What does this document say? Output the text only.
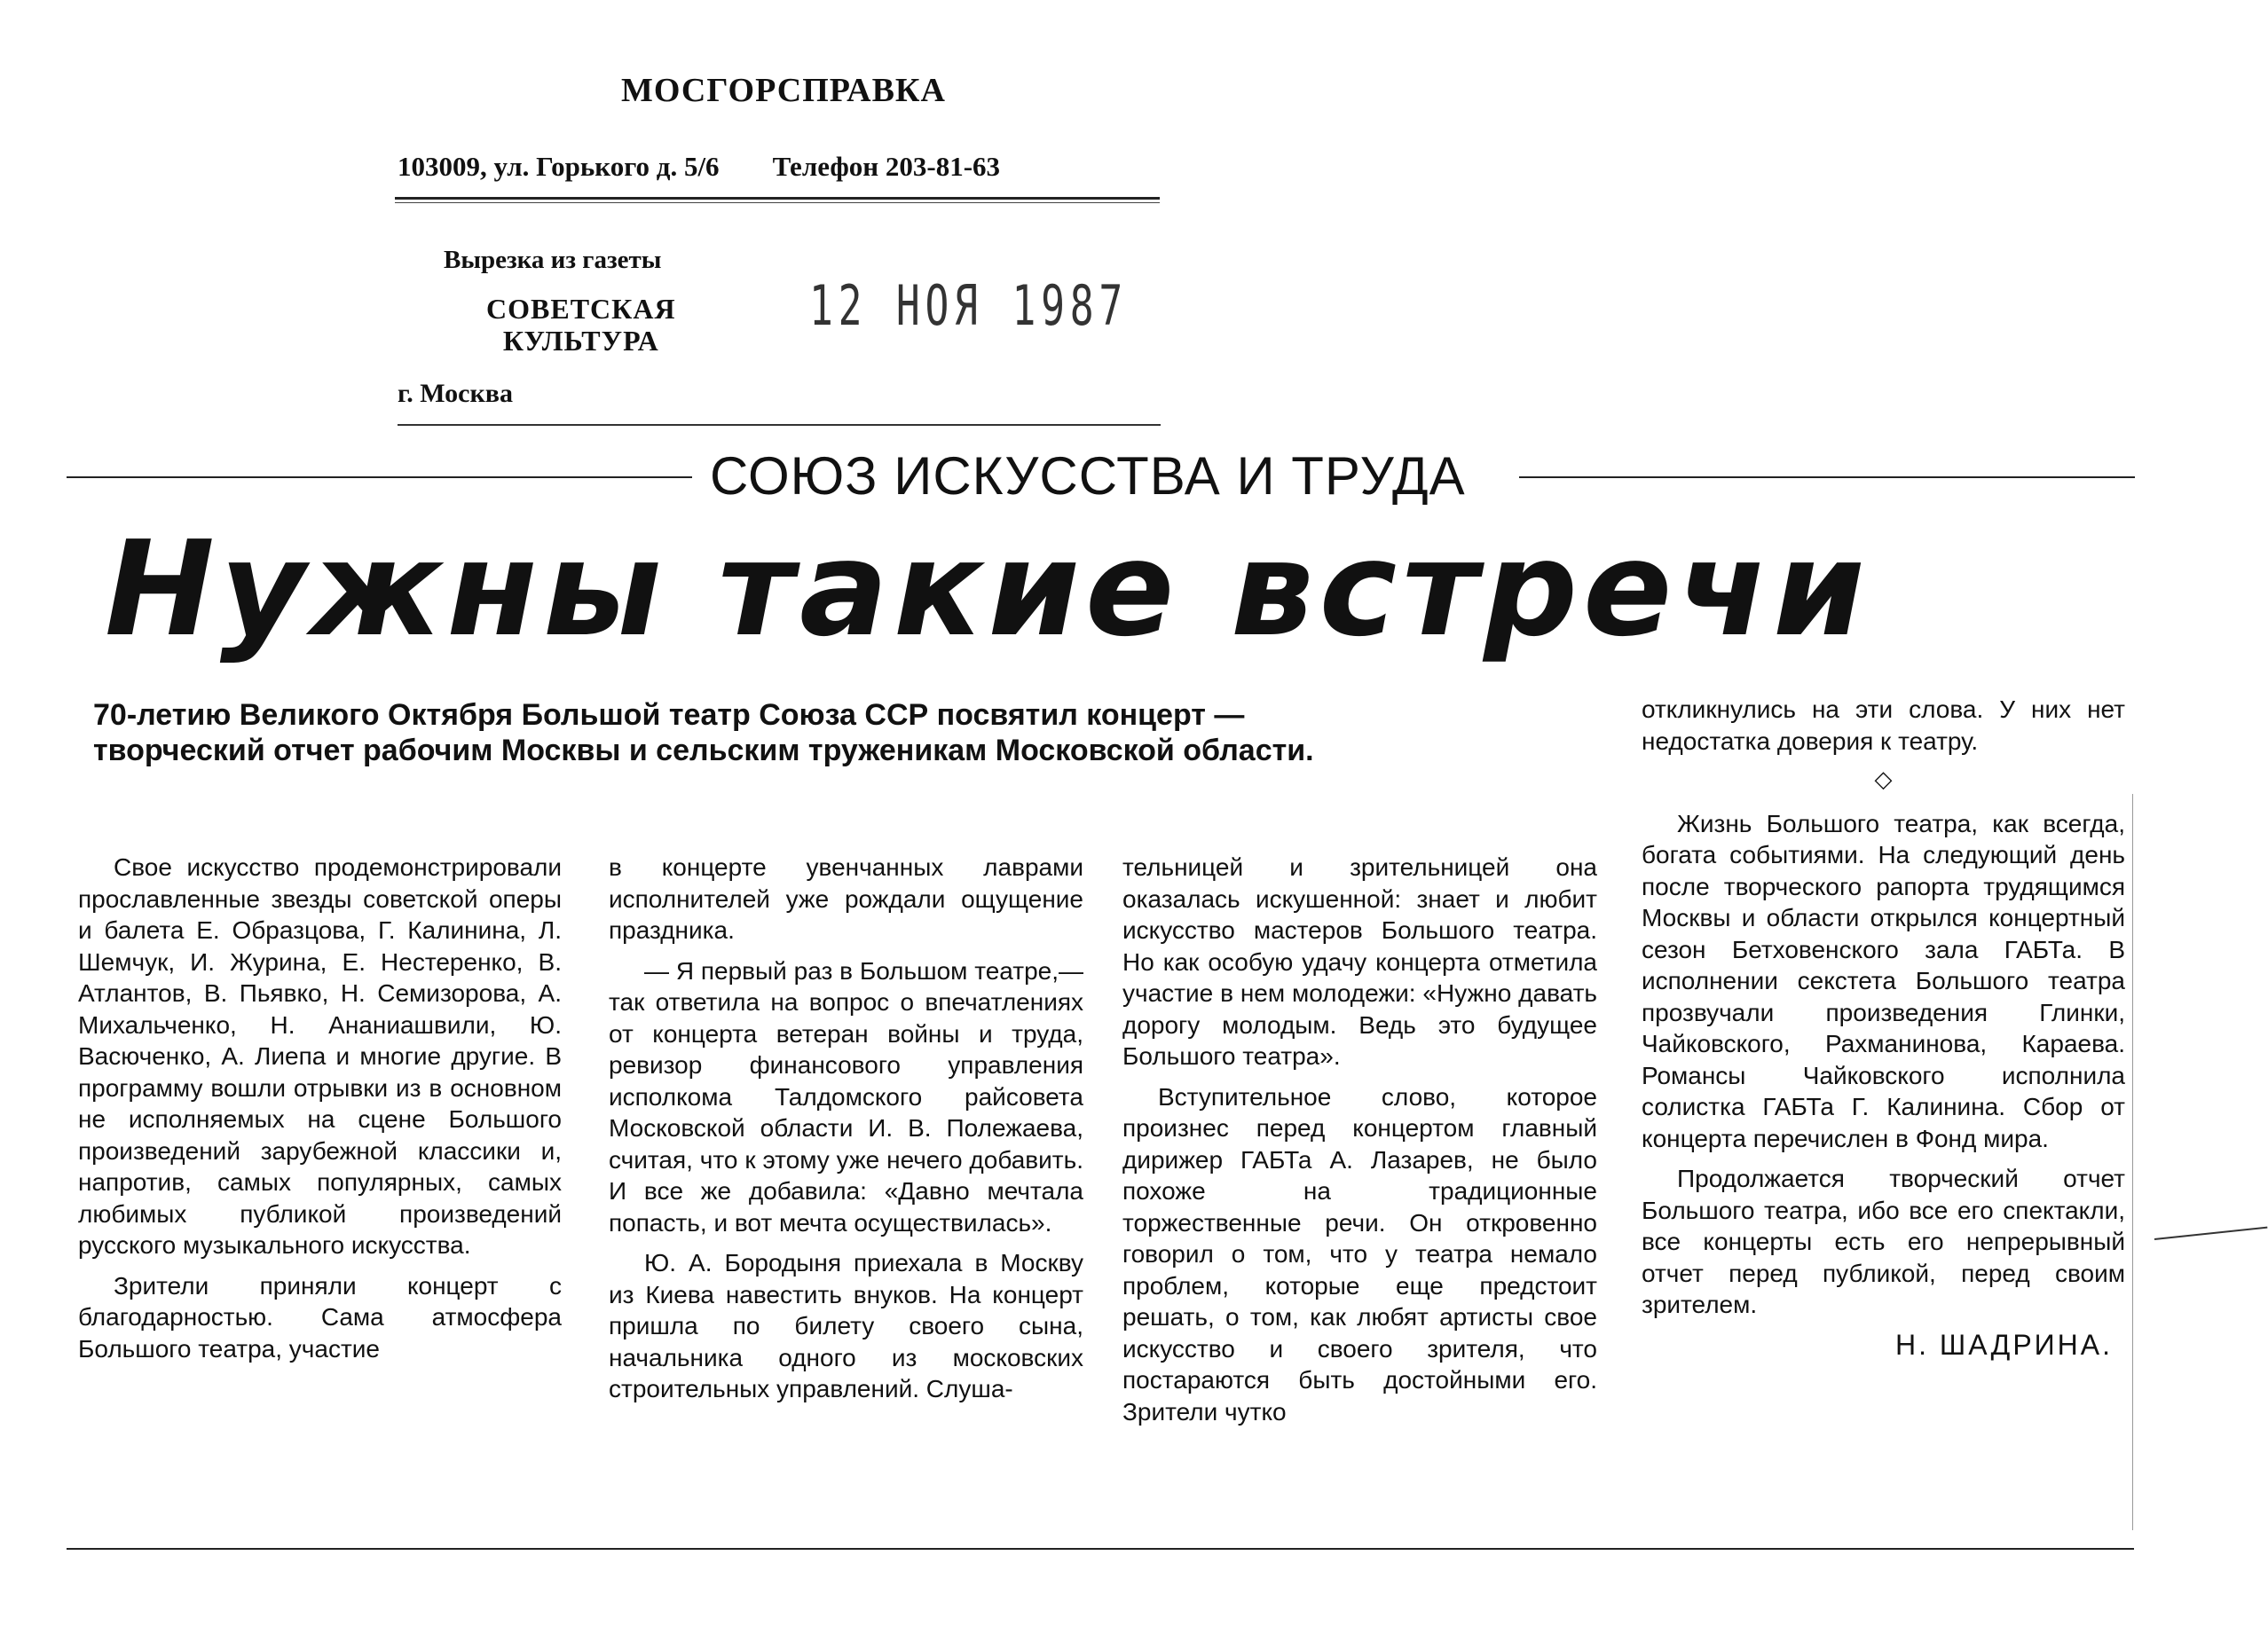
МОСГОРСПРАВКА
103009, ул. Горького д. 5/6 Телефон 203-81-63
Вырезка из газеты
СОВЕТСКАЯ
КУЛЬТУРА
12 НОЯ 1987
г. Москва
СОЮЗ ИСКУССТВА И ТРУДА
Нужны такие встречи
70-летию Великого Октября Большой театр Союза ССР посвятил концерт — творческий отчет рабочим Москвы и сельским труженикам Московской области.

Свое искусство продемонстрировали прославленные звезды советской оперы и балета Е. Образцова, Г. Калинина, Л. Шемчук, И. Журина, Е. Нестеренко, В. Атлантов, В. Пьявко, Н. Семизорова, А. Михальченко, Н. Ананиашвили, Ю. Васюченко, А. Лиепа и многие другие. В программу вошли отрывки из в основном не исполняемых на сцене Большого произведений зарубежной классики и, напротив, самых популярных, самых любимых публикой произведений русского музыкального искусства.

Зрители приняли концерт с благодарностью. Сама атмосфера Большого театра, участие

в концерте увенчанных лаврами исполнителей уже рождали ощущение праздника.

— Я первый раз в Большом театре,— так ответила на вопрос о впечатлениях от концерта ветеран войны и труда, ревизор финансового управления исполкома Талдомского райсовета Московской области И. В. Полежаева, считая, что к этому уже нечего добавить. И все же добавила: «Давно мечтала попасть, и вот мечта осуществилась».

Ю. А. Бородыня приехала в Москву из Киева навестить внуков. На концерт пришла по билету своего сына, начальника одного из московских строительных управлений. Слуша-

тельницей и зрительницей она оказалась искушенной: знает и любит искусство мастеров Большого театра. Но как особую удачу концерта отметила участие в нем молодежи: «Нужно давать дорогу молодым. Ведь это будущее Большого театра».

Вступительное слово, которое произнес перед концертом главный дирижер ГАБТа А. Лазарев, не было похоже на традиционные торжественные речи. Он откровенно говорил о том, что у театра немало проблем, которые еще предстоит решать, о том, как любят артисты свое искусство и своего зрителя, что постараются быть достойными его. Зрители чутко

откликнулись на эти слова. У них нет недостатка доверия к театру.

◇

Жизнь Большого театра, как всегда, богата событиями. На следующий день после творческого рапорта трудящимся Москвы и области открылся концертный сезон Бетховенского зала ГАБТа. В исполнении секстета Большого театра прозвучали произведения Глинки, Чайковского, Рахманинова, Караева. Романсы Чайковского исполнила солистка ГАБТа Г. Калинина. Сбор от концерта перечислен в Фонд мира.

Продолжается творческий отчет Большого театра, ибо все его спектакли, все концерты есть его непрерывный отчет перед публикой, перед своим зрителем.

Н. ШАДРИНА.
